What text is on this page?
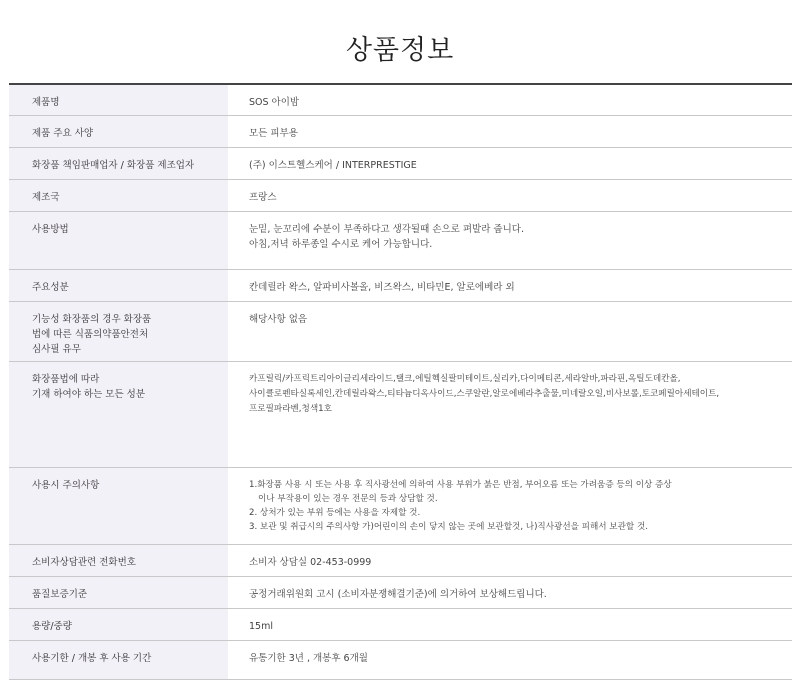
상품정보
제품명	SOS 아이밤

제품 주요 사양	모든 피부용

화장품 책임판매업자 / 화장품 제조업자	(주) 이스트헬스케어 / INTERPRESTIGE

제조국	프랑스

사용방법	눈밑, 눈꼬리에 수분이 부족하다고 생각될때 손으로 펴발라 줍니다.
아침,저녁 하루종일 수시로 케어 가능합니다.

주요성분	칸데릴라 왁스, 알파비사볼올, 비즈왁스, 비타민E, 알로에베라 외

기능성 화장품의 경우 화장품
법에 따른 식품의약품안전처
심사필 유무	해당사항 없음

화장품법에 따라
기재 하여야 하는 모든 성분	카프릴릭/카프릭트리아이글리세라이드,탤크,에틸헥실팔미테이트,실리카,다이메티콘,세라알바,파라핀,옥틸도데칸올,
사이클로펜타실록세인,칸데릴라왁스,티타늄디옥사이드,스쿠알란,알로에베라추출물,미네랄오일,비사보롤,토코페릴아세테이트,
프로필파라벤,청색1호

사용시 주의사항	1.화장품 사용 시 또는 사용 후 직사광선에 의하여 사용 부위가 붉은 반점, 부어오름 또는 가려움증 등의 이상 증상
이나 부작용이 있는 경우 전문의 등과 상담할 것.
2. 상처가 있는 부위 등에는 사용을 자제할 것.
3. 보관 및 취급시의 주의사항 가)어린이의 손이 닿지 않는 곳에 보관할것, 나)직사광선을 피해서 보관할 것.

소비자상담관련 전화번호	소비자 상담실 02-453-0999

품질보증기준	공정거래위원회 고시 (소비자분쟁해결기준)에 의거하여 보상해드립니다.

용량/중량	15ml

사용기한 / 개봉 후 사용 기간	유통기한 3년 , 개봉후 6개월
